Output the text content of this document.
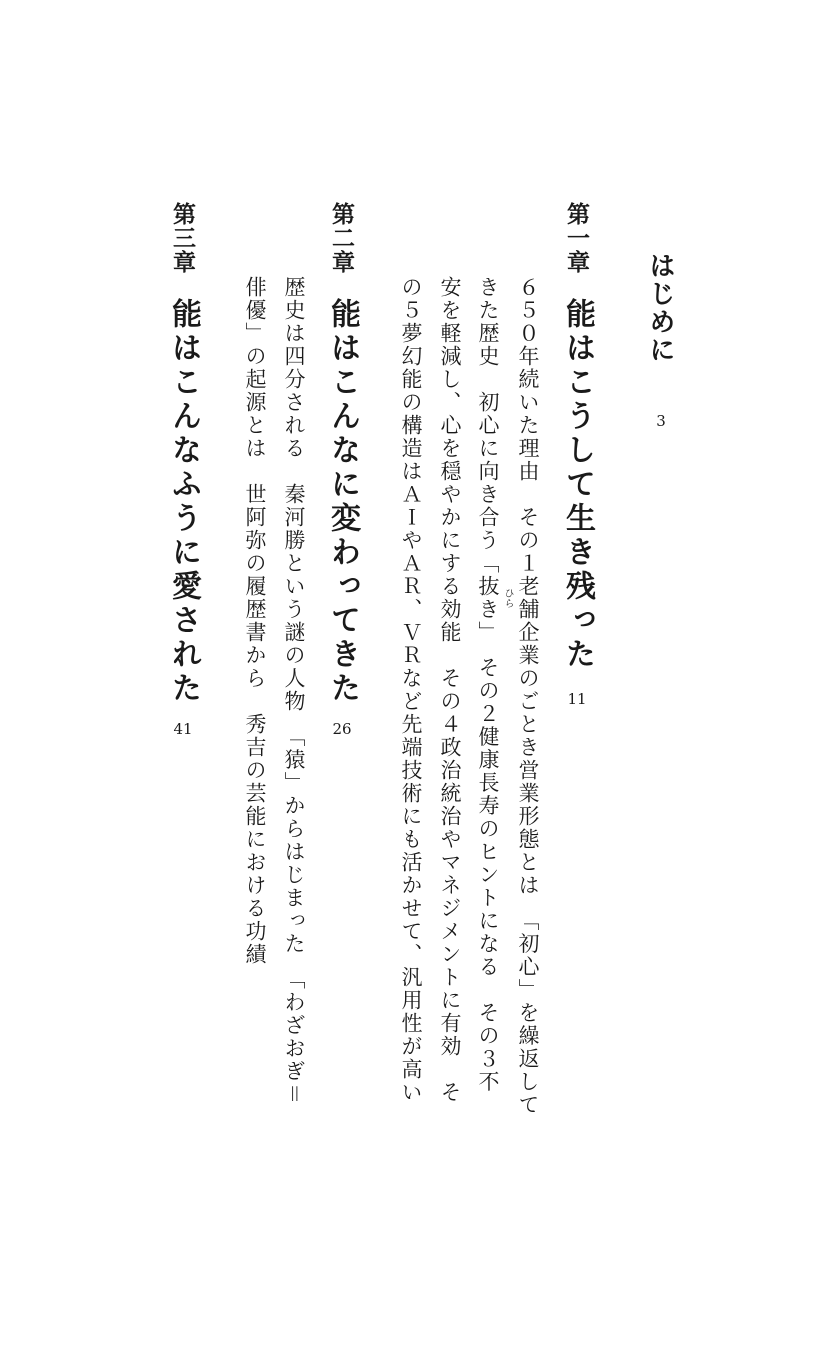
はじめに
3
第一章
能はこうして生き残った
11
６５０年続いた理由　その１老舗企業のごとき営業形態とは　「初心」を繰返して
きた歴史　初心に向き合う「抜き」　その２健康長寿のヒントになる　その３不 ひら
安を軽減し、心を穏やかにする効能　その４政治統治やマネジメントに有効　そ
の５夢幻能の構造はＡＩやＡＲ、ＶＲなど先端技術にも活かせて、汎用性が高い
第二章
能はこんなに変わってきた
26
歴史は四分される　秦河勝という謎の人物　「猿」からはじまった　「わざおぎ＝
俳優」の起源とは　世阿弥の履歴書から　秀吉の芸能における功績
第三章
能はこんなふうに愛された
41
